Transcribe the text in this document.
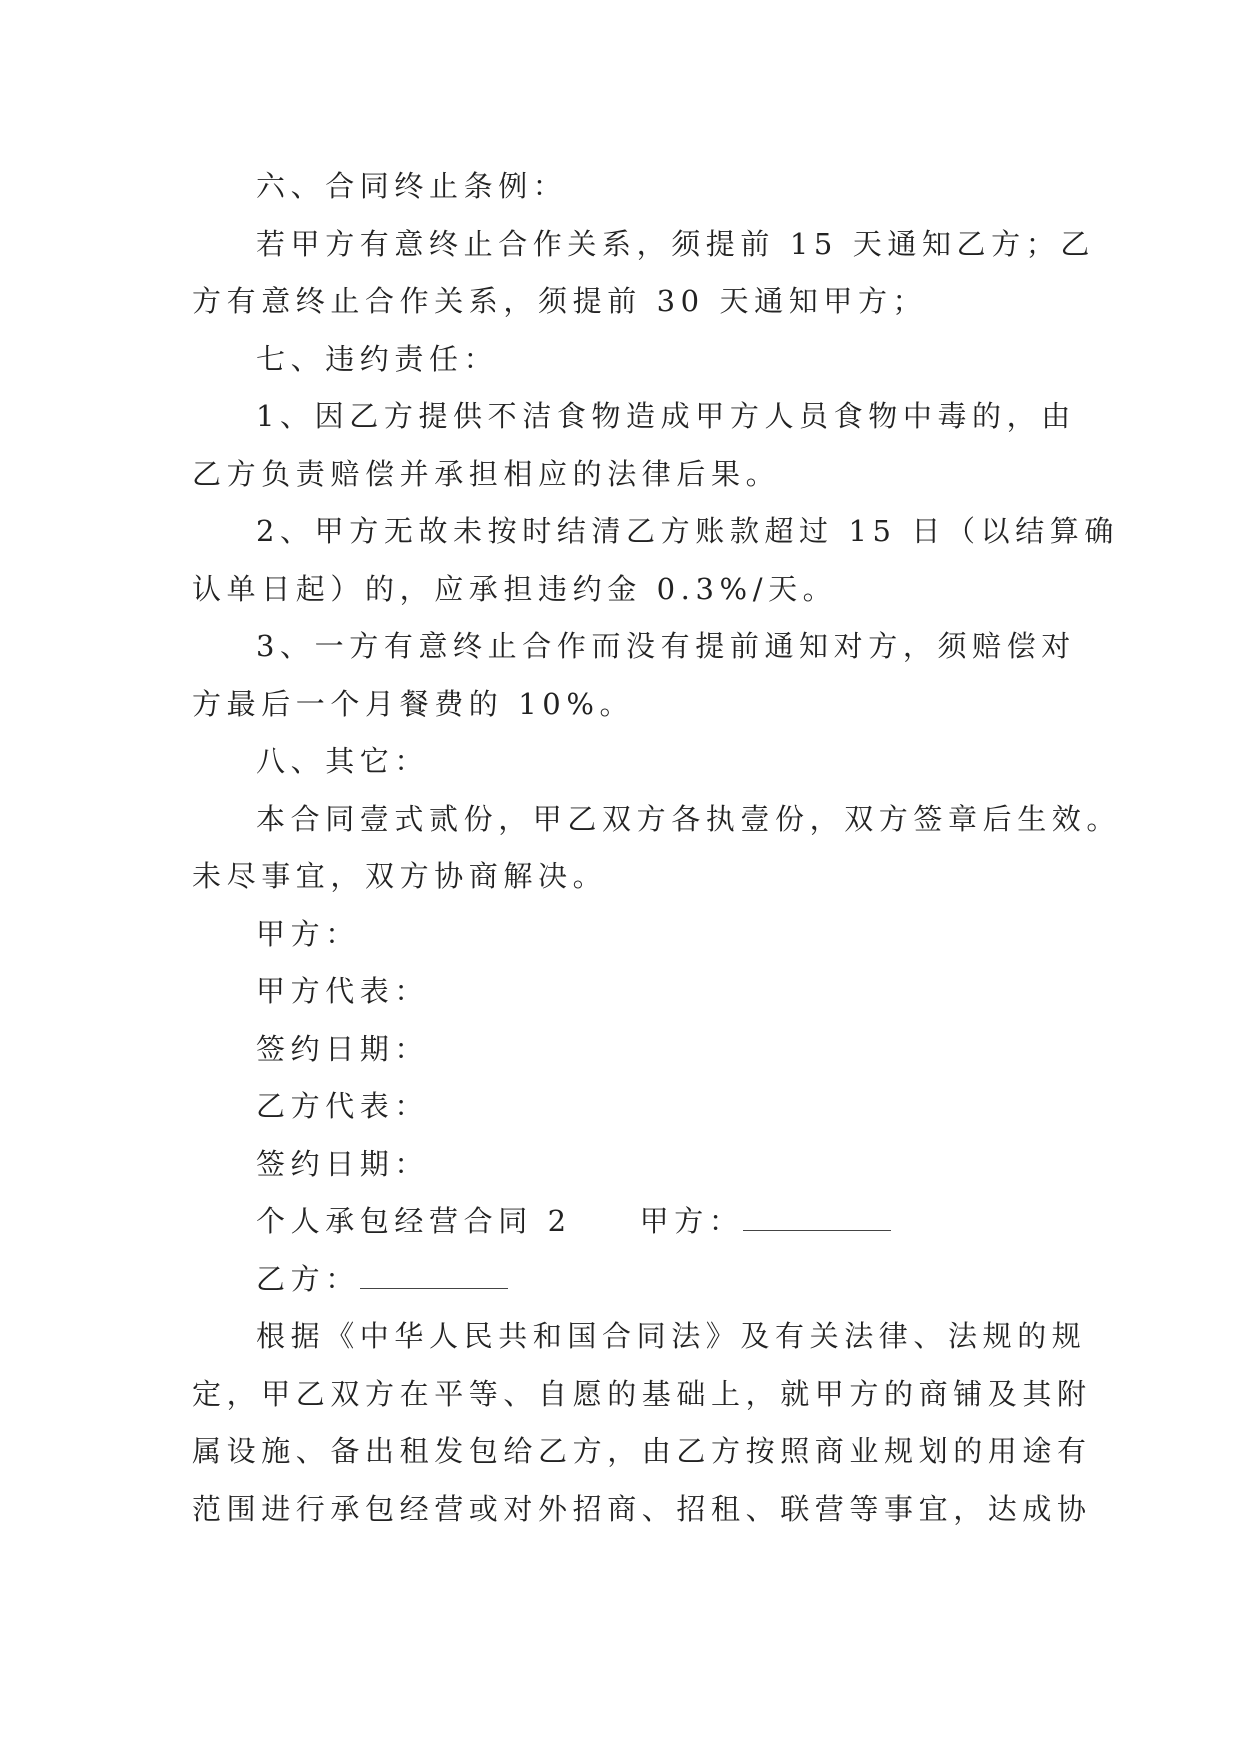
六、合同终止条例：
若甲方有意终止合作关系，须提前 15 天通知乙方；乙
方有意终止合作关系，须提前 30 天通知甲方；
七、违约责任：
1、因乙方提供不洁食物造成甲方人员食物中毒的，由
乙方负责赔偿并承担相应的法律后果。
2、甲方无故未按时结清乙方账款超过 15 日（以结算确
认单日起）的，应承担违约金 0.3%/天。
3、一方有意终止合作而没有提前通知对方，须赔偿对
方最后一个月餐费的 10%。
八、其它：
本合同壹式贰份，甲乙双方各执壹份，双方签章后生效。
未尽事宜，双方协商解决。
甲方：
甲方代表：
签约日期：
乙方代表：
签约日期：
个人承包经营合同 2 甲方：
乙方：
根据《中华人民共和国合同法》及有关法律、法规的规
定，甲乙双方在平等、自愿的基础上，就甲方的商铺及其附
属设施、备出租发包给乙方，由乙方按照商业规划的用途有
范围进行承包经营或对外招商、招租、联营等事宜，达成协
